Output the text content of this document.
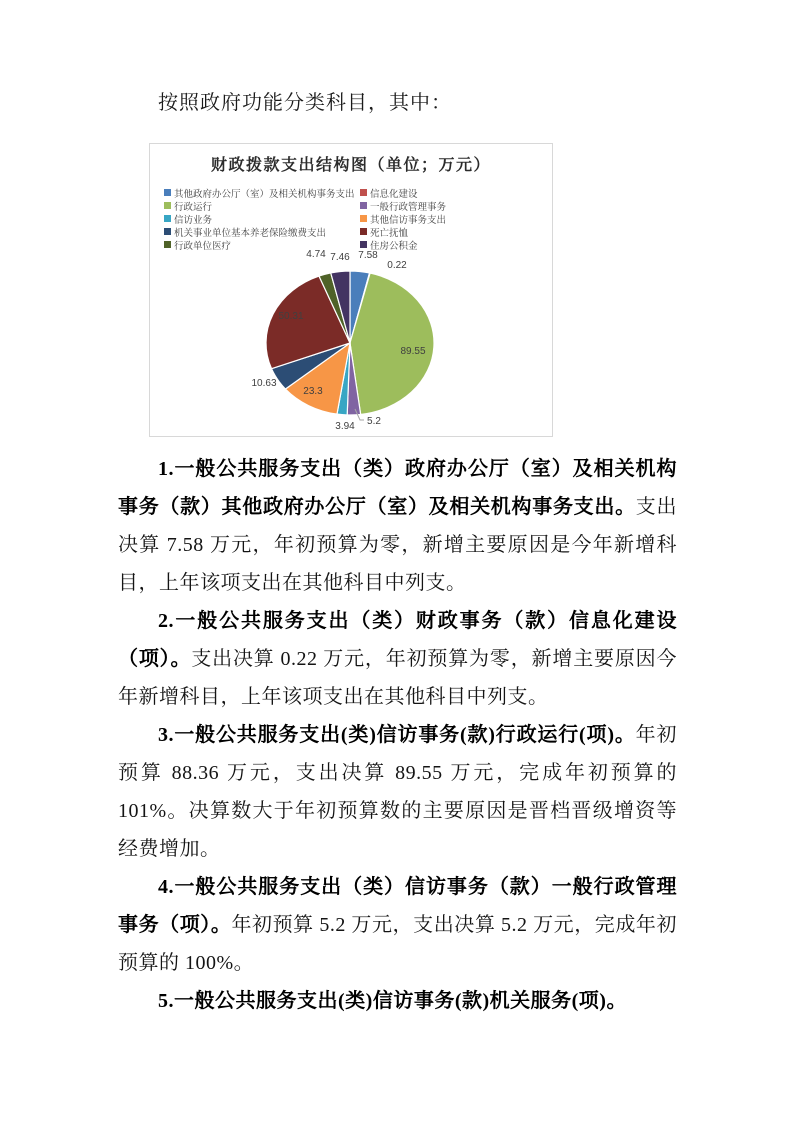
按照政府功能分类科目，其中：

财政拨款支出结构图（单位；万元）
其他政府办公厅（室）及相关机构事务支出	信息化建设
行政运行	一般行政管理事务
信访业务	其他信访事务支出
机关事业单位基本养老保险缴费支出	死亡抚恤
行政单位医疗	住房公积金
7.58
0.22
89.55
5.2
3.94
23.3
10.63
50.31
4.74 7.46

1.一般公共服务支出（类）政府办公厅（室）及相关机构事务（款）其他政府办公厅（室）及相关机构事务支出。支出决算 7.58 万元，年初预算为零，新增主要原因是今年新增科目，上年该项支出在其他科目中列支。

2.一般公共服务支出（类）财政事务（款）信息化建设（项）。支出决算 0.22 万元，年初预算为零，新增主要原因今年新增科目，上年该项支出在其他科目中列支。

3.一般公共服务支出(类)信访事务(款)行政运行(项)。年初预算 88.36 万元，支出决算 89.55 万元，完成年初预算的 101%。决算数大于年初预算数的主要原因是晋档晋级增资等经费增加。

4.一般公共服务支出（类）信访事务（款）一般行政管理事务（项）。年初预算 5.2 万元，支出决算 5.2 万元，完成年初预算的 100%。

5.一般公共服务支出(类)信访事务(款)机关服务(项)。
